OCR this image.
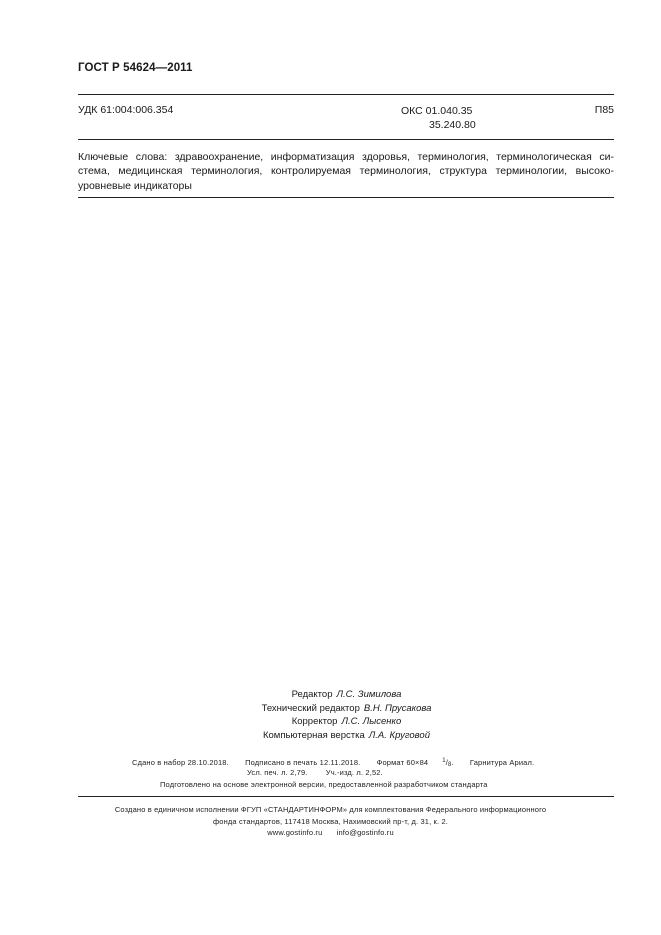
ГОСТ Р 54624—2011
УДК 61:004:006.354	ОКС 01.040.35
35.240.80
П85
Ключевые слова: здравоохранение, информатизация здоровья, терминология, терминологическая си-
стема, медицинская терминология, контролируемая терминология, структура терминологии, высоко-
уровневые индикаторы
Редактор Л.С. Зимилова
Технический редактор В.Н. Прусакова
Корректор Л.С. Лысенко
Компьютерная верстка Л.А. Круговой
Сдано в набор 28.10.2018. Подписано в печать 12.11.2018. Формат 60×84 $^1/_8$. Гарнитура Ариал.
Усл. печ. л. 2,79. Уч.-изд. л. 2,52.
Подготовлено на основе электронной версии, предоставленной разработчиком стандарта
Создано в единичном исполнении ФГУП «СТАНДАРТИНФОРМ» для комплектования Федерального информационного
фонда стандартов, 117418 Москва, Нахимовский пр-т, д. 31, к. 2.
www.gostinfo.ru info@gostinfo.ru
